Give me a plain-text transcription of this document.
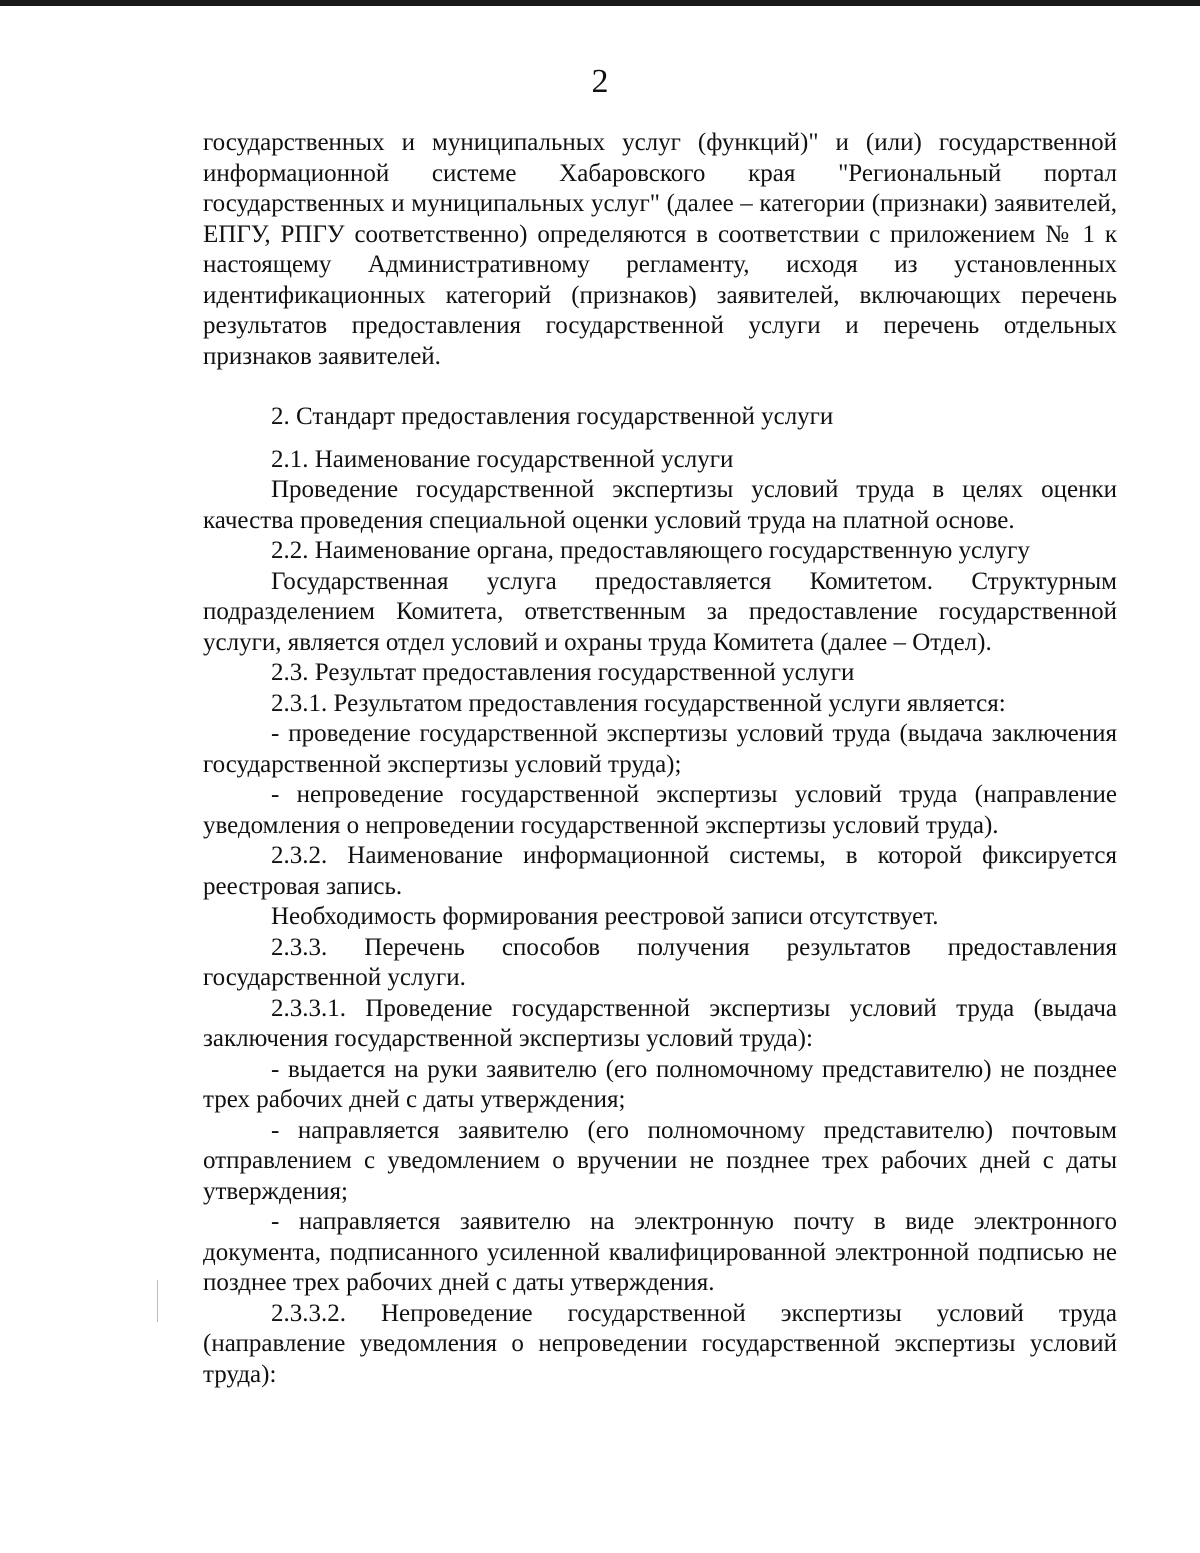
2

государственных и муниципальных услуг (функций)" и (или) государственной информационной системе Хабаровского края "Региональный портал государственных и муниципальных услуг" (далее – категории (признаки) заявителей, ЕПГУ, РПГУ соответственно) определяются в соответствии с приложением № 1 к настоящему Административному регламенту, исходя из установленных идентификационных категорий (признаков) заявителей, включающих перечень результатов предоставления государственной услуги и перечень отдельных признаков заявителей.

2. Стандарт предоставления государственной услуги

2.1. Наименование государственной услуги

Проведение государственной экспертизы условий труда в целях оценки качества проведения специальной оценки условий труда на платной основе.

2.2. Наименование органа, предоставляющего государственную услугу

Государственная услуга предоставляется Комитетом. Структурным подразделением Комитета, ответственным за предоставление государственной услуги, является отдел условий и охраны труда Комитета (далее – Отдел).

2.3. Результат предоставления государственной услуги

2.3.1. Результатом предоставления государственной услуги является:

- проведение государственной экспертизы условий труда (выдача заключения государственной экспертизы условий труда);

- непроведение государственной экспертизы условий труда (направление уведомления о непроведении государственной экспертизы условий труда).

2.3.2. Наименование информационной системы, в которой фиксируется реестровая запись.

Необходимость формирования реестровой записи отсутствует.

2.3.3. Перечень способов получения результатов предоставления государственной услуги.

2.3.3.1. Проведение государственной экспертизы условий труда (выдача заключения государственной экспертизы условий труда):

- выдается на руки заявителю (его полномочному представителю) не позднее трех рабочих дней с даты утверждения;

- направляется заявителю (его полномочному представителю) почтовым отправлением с уведомлением о вручении не позднее трех рабочих дней с даты утверждения;

- направляется заявителю на электронную почту в виде электронного документа, подписанного усиленной квалифицированной электронной подписью не позднее трех рабочих дней с даты утверждения.

2.3.3.2. Непроведение государственной экспертизы условий труда (направление уведомления о непроведении государственной экспертизы условий труда):
